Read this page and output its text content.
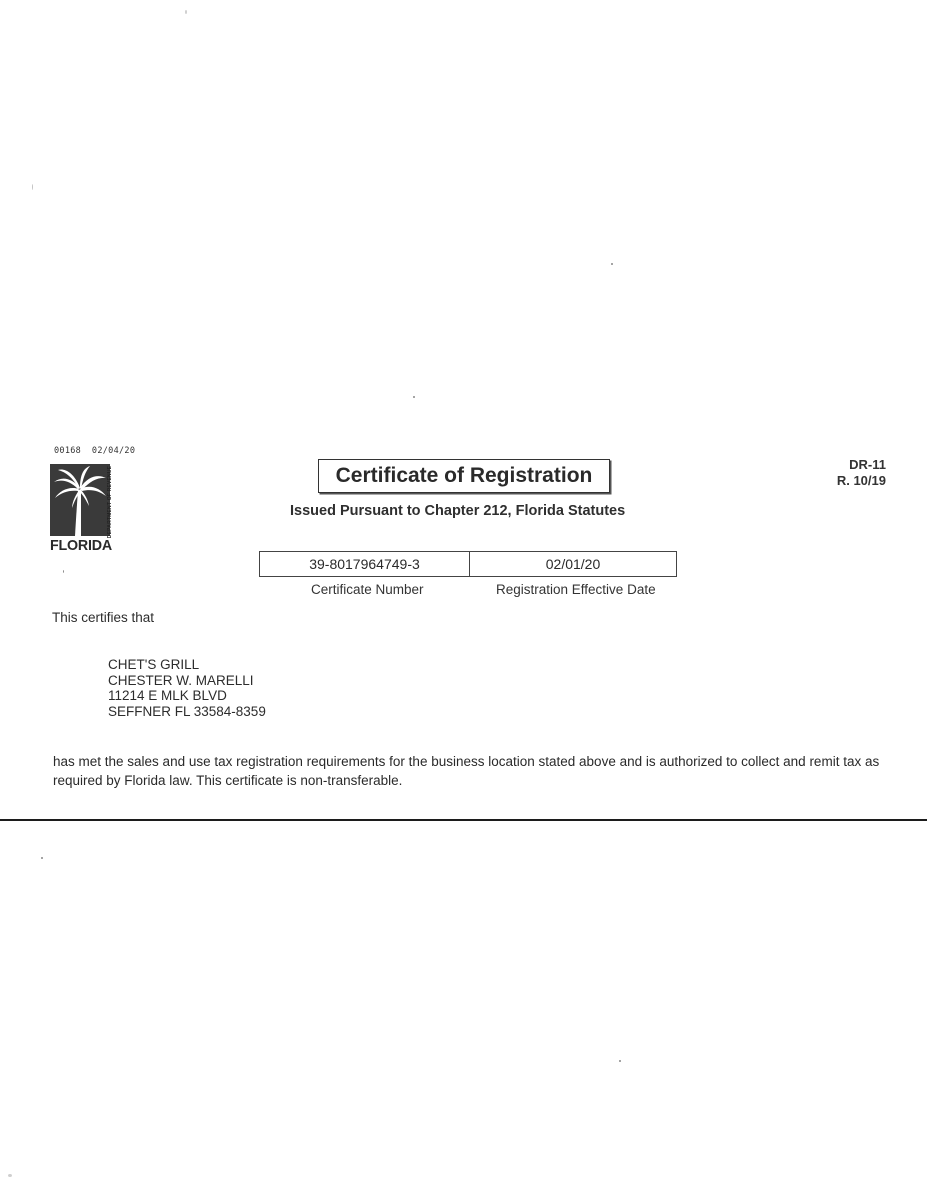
00168  02/04/20
DEPARTMENT OF REVENUE
FLORIDA
Certificate of Registration
Issued Pursuant to Chapter 212, Florida Statutes
DR-11
R. 10/19
39-8017964749-3	02/01/20
Certificate Number	Registration Effective Date
This certifies that
CHET'S GRILL
CHESTER W. MARELLI
11214 E MLK BLVD
SEFFNER FL 33584-8359
has met the sales and use tax registration requirements for the business location stated above and is authorized to collect and remit tax as required by Florida law. This certificate is non-transferable.
